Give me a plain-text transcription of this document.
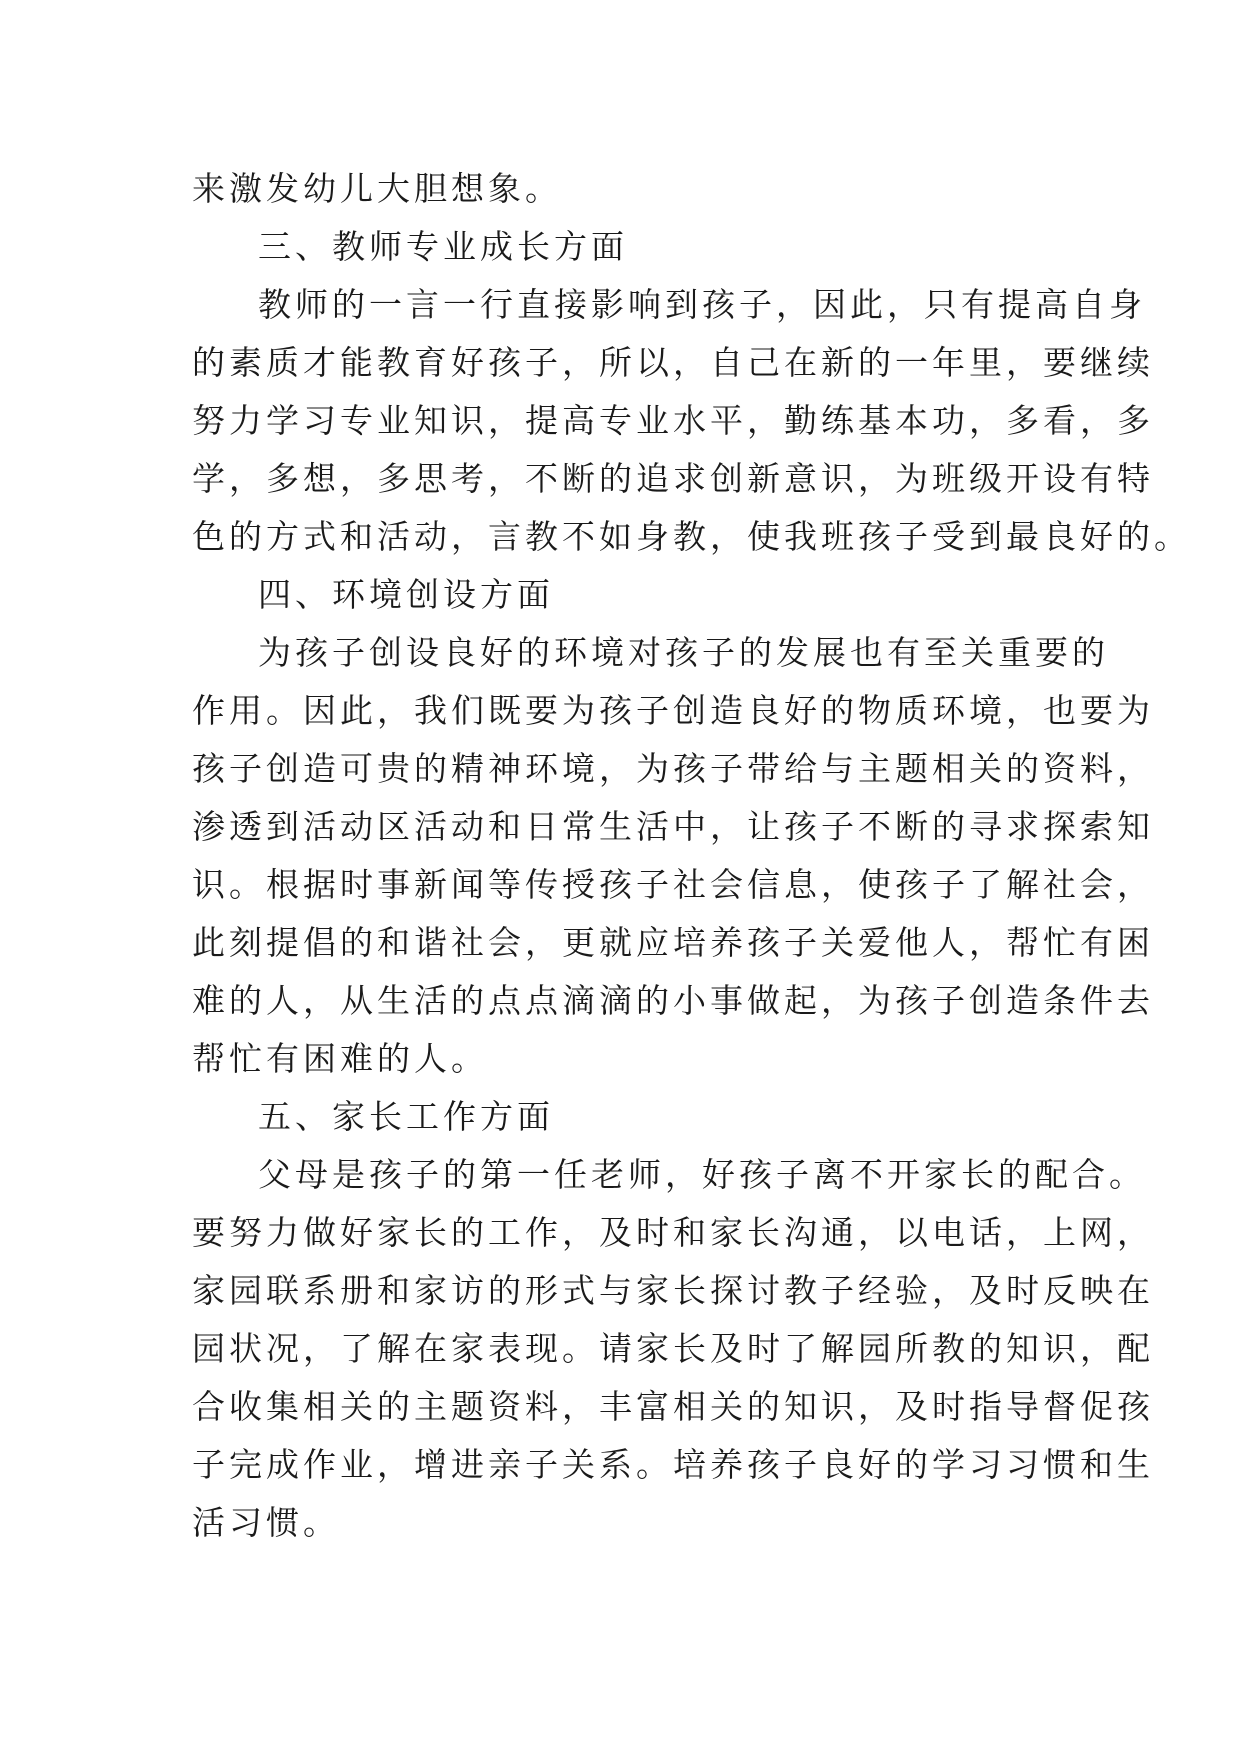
来激发幼儿大胆想象。
三、教师专业成长方面
教师的一言一行直接影响到孩子，因此，只有提高自身
的素质才能教育好孩子，所以，自己在新的一年里，要继续
努力学习专业知识，提高专业水平，勤练基本功，多看，多
学，多想，多思考，不断的追求创新意识，为班级开设有特
色的方式和活动，言教不如身教，使我班孩子受到最良好的。
四、环境创设方面
为孩子创设良好的环境对孩子的发展也有至关重要的
作用。因此，我们既要为孩子创造良好的物质环境，也要为
孩子创造可贵的精神环境，为孩子带给与主题相关的资料，
渗透到活动区活动和日常生活中，让孩子不断的寻求探索知
识。根据时事新闻等传授孩子社会信息，使孩子了解社会，
此刻提倡的和谐社会，更就应培养孩子关爱他人，帮忙有困
难的人，从生活的点点滴滴的小事做起，为孩子创造条件去
帮忙有困难的人。
五、家长工作方面
父母是孩子的第一任老师，好孩子离不开家长的配合。
要努力做好家长的工作，及时和家长沟通，以电话，上网，
家园联系册和家访的形式与家长探讨教子经验，及时反映在
园状况，了解在家表现。请家长及时了解园所教的知识，配
合收集相关的主题资料，丰富相关的知识，及时指导督促孩
子完成作业，增进亲子关系。培养孩子良好的学习习惯和生
活习惯。
